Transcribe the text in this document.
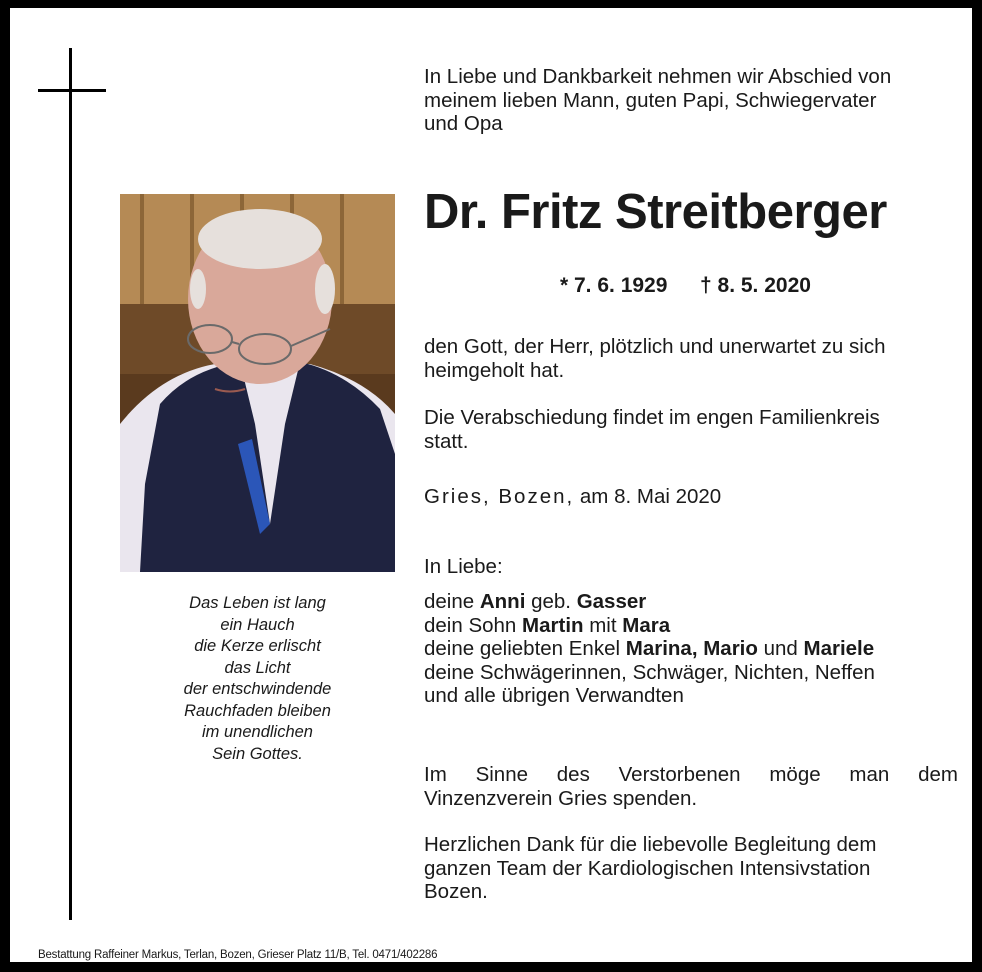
Das Leben ist lang
ein Hauch
die Kerze erlischt
das Licht
der entschwindende
Rauchfaden bleiben
im unendlichen
Sein Gottes.
In Liebe und Dankbarkeit nehmen wir Abschied von
meinem lieben Mann, guten Papi, Schwiegervater
und Opa
Dr. Fritz Streitberger
* 7. 6. 1929 † 8. 5. 2020
den Gott, der Herr, plötzlich und unerwartet zu sich
heimgeholt hat.
Die Verabschiedung findet im engen Familienkreis
statt.
Gries, Bozen, am 8. Mai 2020
In Liebe:
deine Anni geb. Gasser
dein Sohn Martin mit Mara
deine geliebten Enkel Marina, Mario und Mariele
deine Schwägerinnen, Schwäger, Nichten, Neffen
und alle übrigen Verwandten
Im Sinne des Verstorbenen möge man dem
Vinzenzverein Gries spenden.
Herzlichen Dank für die liebevolle Begleitung dem
ganzen Team der Kardiologischen Intensivstation
Bozen.
Bestattung Raffeiner Markus, Terlan, Bozen, Grieser Platz 11/B, Tel. 0471/402286
